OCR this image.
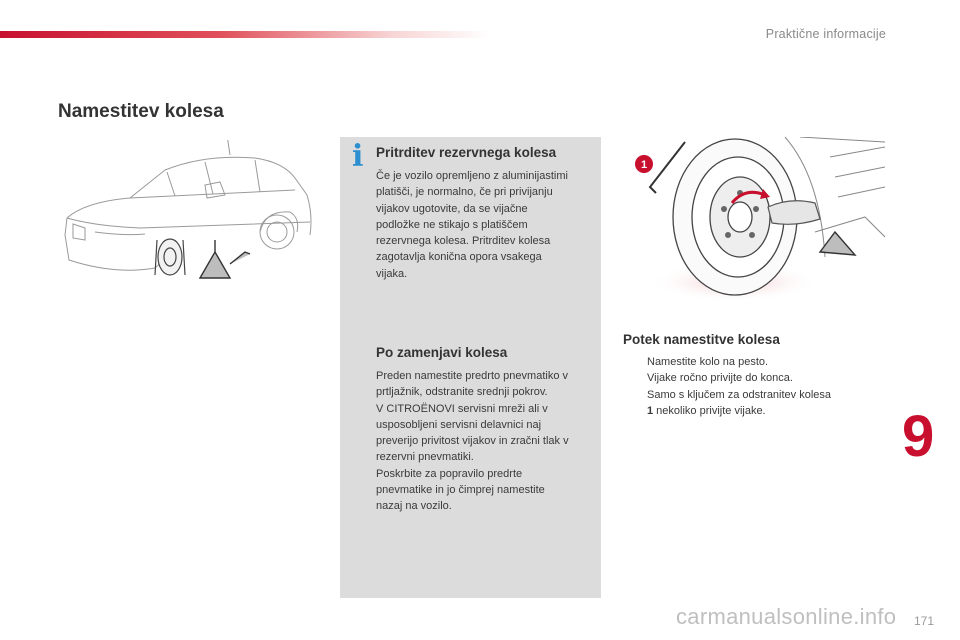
Praktične informacije
Namestitev kolesa
i Pritrditev rezervnega kolesa
Če je vozilo opremljeno z aluminijastimi
platišči, je normalno, če pri privijanju
vijakov ugotovite, da se vijačne
podložke ne stikajo s platiščem
rezervnega kolesa. Pritrditev kolesa
zagotavlja konična opora vsakega
vijaka.
Po zamenjavi kolesa
Preden namestite predrto pnevmatiko v
prtljažnik, odstranite srednji pokrov.
V CITROËNOVI servisni mreži ali v
usposobljeni servisni delavnici naj
preverijo privitost vijakov in zračni tlak v
rezervni pnevmatiki.
Poskrbite za popravilo predrte
pnevmatike in jo čimprej namestite
nazaj na vozilo.
1
Potek namestitve kolesa
Namestite kolo na pesto.
Vijake ročno privijte do konca.
Samo s ključem za odstranitev kolesa
1 nekoliko privijte vijake.	9
171
carmanualsonline.info
